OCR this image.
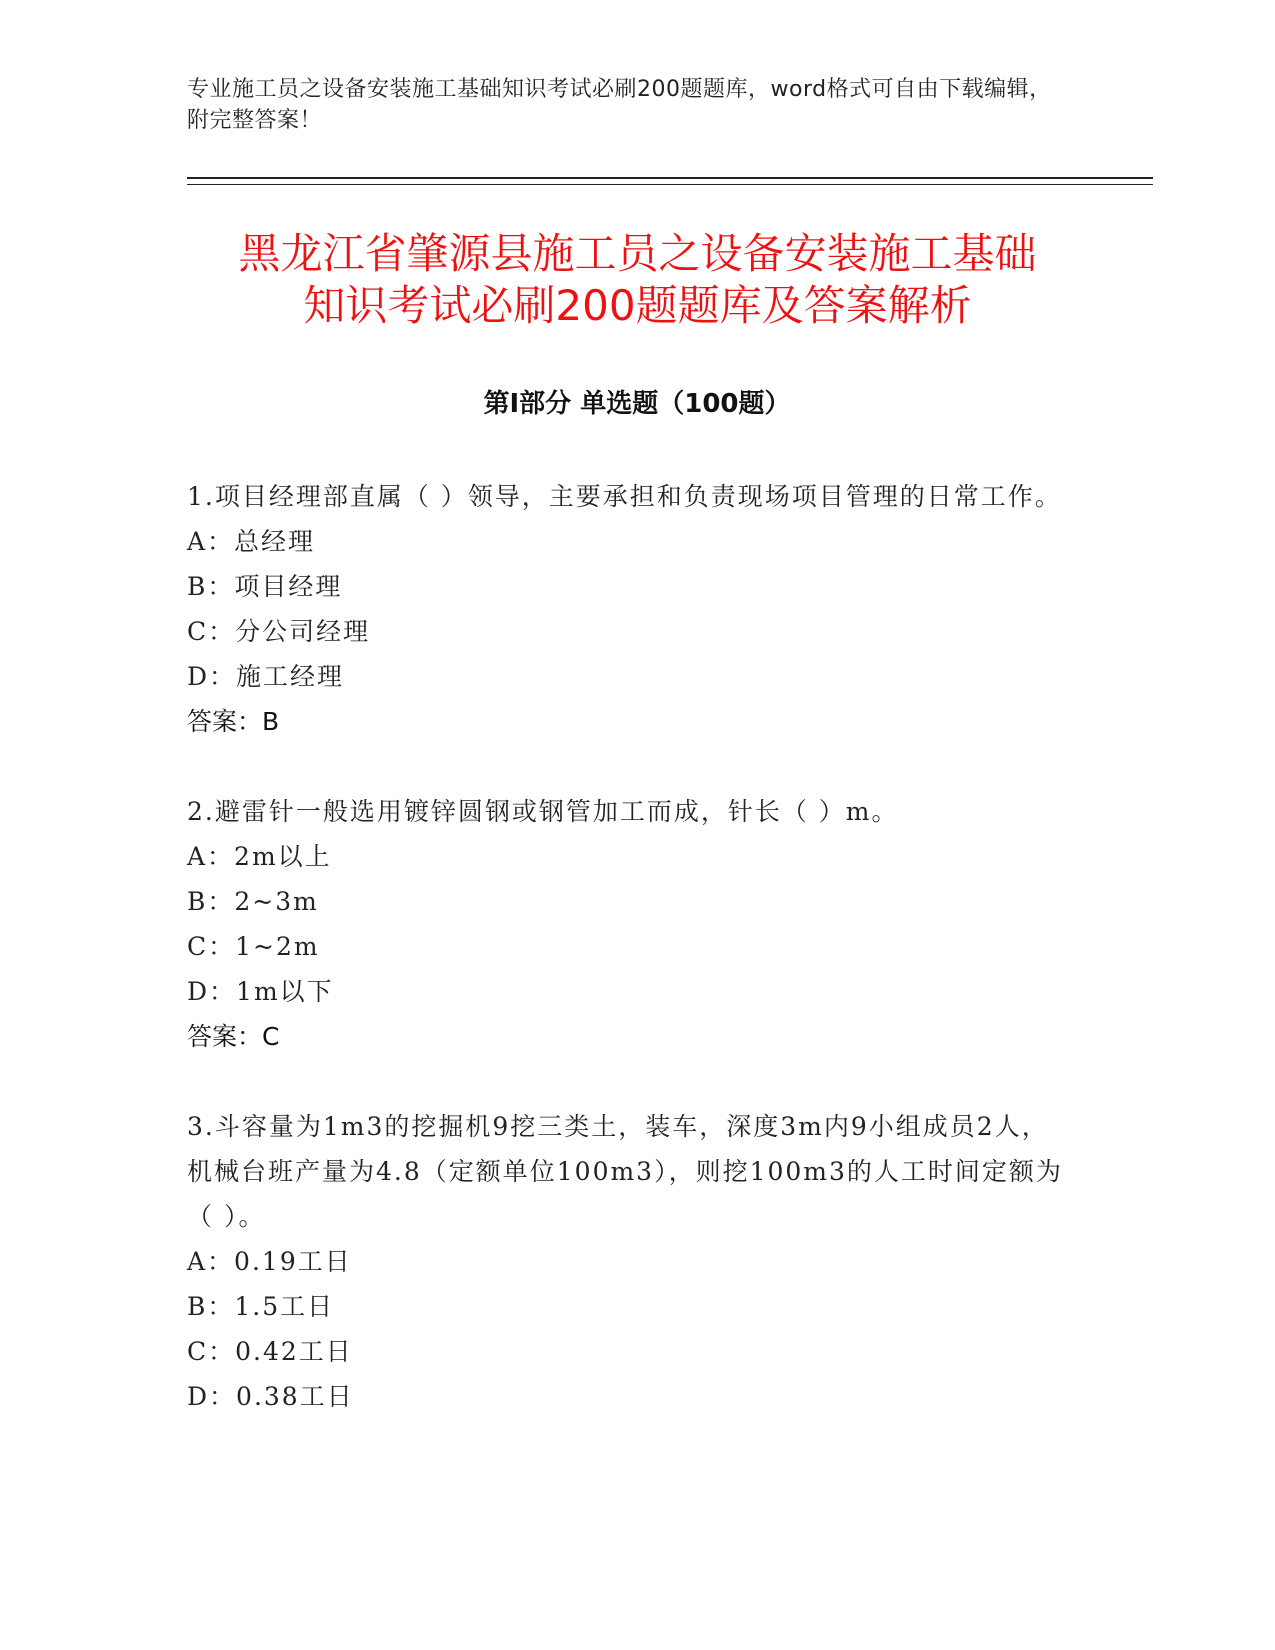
专业施工员之设备安装施工基础知识考试必刷200题题库，word格式可自由下载编辑，附完整答案！
黑龙江省肇源县施工员之设备安装施工基础
知识考试必刷200题题库及答案解析
第I部分 单选题（100题）

1.项目经理部直属（ ）领导，主要承担和负责现场项目管理的日常工作。

A：总经理

B：项目经理

C：分公司经理

D：施工经理

答案：B

2.避雷针一般选用镀锌圆钢或钢管加工而成，针长（ ）m。

A：2m以上

B：2~3m

C：1~2m

D：1m以下

答案：C

3.斗容量为1m3的挖掘机9挖三类土，装车，深度3m内9小组成员2人，机械台班产量为4.8（定额单位100m3），则挖100m3的人工时间定额为（ ）。

A：0.19工日

B：1.5工日

C：0.42工日

D：0.38工日
